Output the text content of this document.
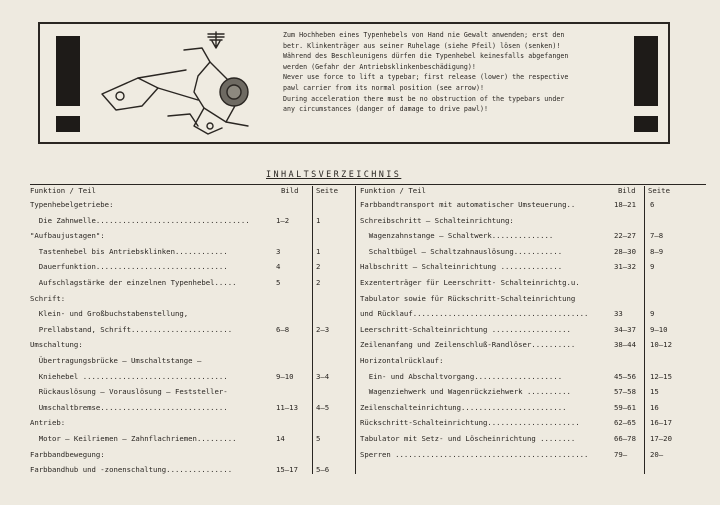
Zum Hochheben eines Typenhebels von Hand nie Gewalt anwenden; erst den
betr. Klinkenträger aus seiner Ruhelage (siehe Pfeil) lösen (senken)!
Während des Beschleunigens dürfen die Typenhebel keinesfalls abgefangen
werden (Gefahr der Antriebsklinkenbeschädigung)!
Never use force to lift a typebar; first release (lower) the respective
pawl carrier from its normal position (see arrow)!
During acceleration there must be no obstruction of the typebars under
any circumstances (danger of damage to drive pawl)!
INHALTSVERZEICHNIS
Funktion / Teil	Bild Seite
Typenhebelgetriebe:
Die Zahnwelle...................................	1–2	1
"Aufbaujustagen":
Tastenhebel bis Antriebsklinken............	3	1
Dauerfunktion..............................	4	2
Aufschlagstärke der einzelnen Typenhebel.....	5	2
Schrift:
Klein- und Großbuchstabenstellung,
Prellabstand, Schrift.......................	6–8	2–3
Umschaltung:
Übertragungsbrücke – Umschaltstange –
Kniehebel .................................	9–10	3–4
Rückauslösung – Vorauslösung – Feststeller-
Umschaltbremse.............................	11–13 4–5
Antrieb:
Motor – Keilriemen – Zahnflachriemen.........	14	5
Farbbandbewegung:
Farbbandhub und -zonenschaltung...............	15–17 5–6
Funktion / Teil	Bild Seite
Farbbandtransport mit automatischer Umsteuerung..	18–21 6
Schreibschritt – Schalteinrichtung:
Wagenzahnstange – Schaltwerk..............	22–27 7–8
Schaltbügel – Schaltzahnauslösung...........	28–30 8–9
Halbschritt – Schalteinrichtung ..............	31–32 9
Exzenterträger für Leerschritt- Schalteinrichtg.u.
Tabulator sowie für Rückschritt-Schalteinrichtung
und Rücklauf........................................	33	9
Leerschritt-Schalteinrichtung ..................	34–37 9–10
Zeilenanfang und Zeilenschluß-Randlöser..........	38–44 10–12
Horizontalrücklauf:
Ein- und Abschaltvorgang....................	45–56 12–15
Wagenziehwerk und Wagenrückziehwerk ..........	57–58 15
Zeilenschalteinrichtung........................	59–61 16
Rückschritt-Schalteinrichtung.....................	62–65 16–17
Tabulator mit Setz- und Löscheinrichtung ........	66–78 17–20
Sperren ............................................	79–	20–
